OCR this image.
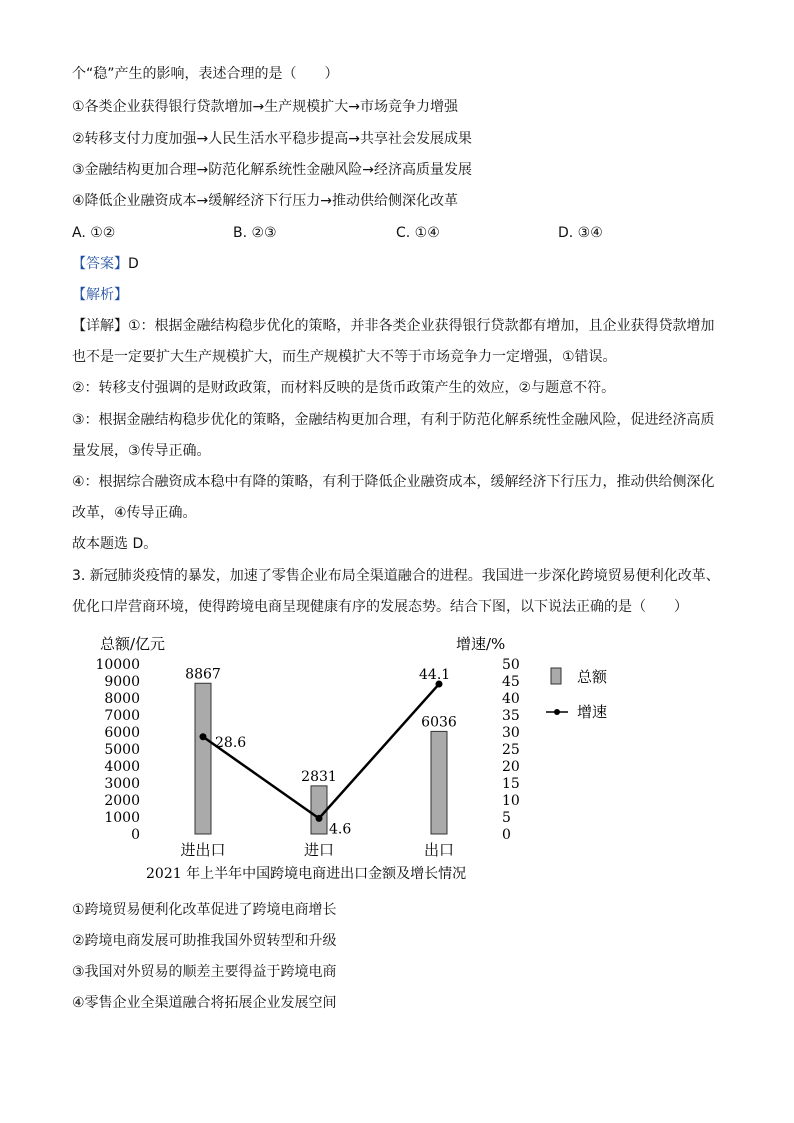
个“稳”产生的影响，表述合理的是（　　）
①各类企业获得银行贷款增加→生产规模扩大→市场竞争力增强
②转移支付力度加强→人民生活水平稳步提高→共享社会发展成果
③金融结构更加合理→防范化解系统性金融风险→经济高质量发展
④降低企业融资成本→缓解经济下行压力→推动供给侧深化改革
A. ①②	B. ②③	C. ①④	D. ③④
【答案】D
【解析】
【详解】①：根据金融结构稳步优化的策略，并非各类企业获得银行贷款都有增加，且企业获得贷款增加
也不是一定要扩大生产规模扩大，而生产规模扩大不等于市场竞争力一定增强，①错误。
②：转移支付强调的是财政政策，而材料反映的是货币政策产生的效应，②与题意不符。
③：根据金融结构稳步优化的策略，金融结构更加合理，有利于防范化解系统性金融风险，促进经济高质
量发展，③传导正确。
④：根据综合融资成本稳中有降的策略，有利于降低企业融资成本，缓解经济下行压力，推动供给侧深化
改革，④传导正确。
故本题选 D。
3. 新冠肺炎疫情的暴发，加速了零售企业布局全渠道融合的进程。我国进一步深化跨境贸易便利化改革、
优化口岸营商环境，使得跨境电商呈现健康有序的发展态势。结合下图，以下说法正确的是（　　）
总额/亿元	增速/%
10000
9000
8000
7000
6000
5000
4000
3000
2000
1000
0
50
45
40
35
30
25
20
15
10
5
0
8867
2831
6036
28.6
4.6
44.1
进出口	进口	出口
总额
增速
2021 年上半年中国跨境电商进出口金额及增长情况
①跨境贸易便利化改革促进了跨境电商增长
②跨境电商发展可助推我国外贸转型和升级
③我国对外贸易的顺差主要得益于跨境电商
④零售企业全渠道融合将拓展企业发展空间
